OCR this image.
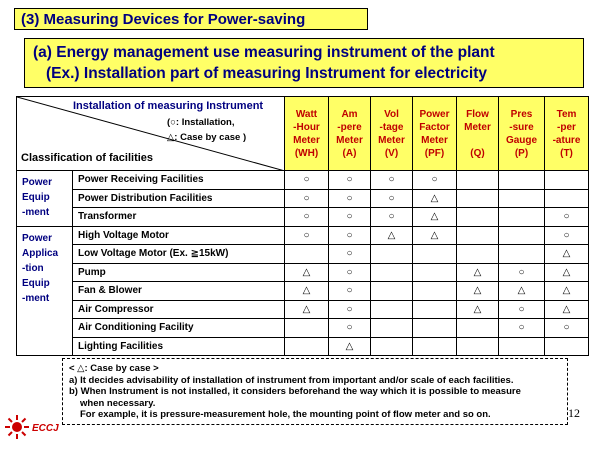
(3) Measuring Devices for Power-saving
(a) Energy management use measuring instrument of the plant
(Ex.) Installation part of measuring Instrument for electricity
Installation of measuring Instrument
(○: Installation,
△: Case by case )
Classification of facilities		Watt
-Hour
Meter
(WH)	Am
-pere
Meter
(A)	Vol
-tage
Meter
(V)	Power
Factor
Meter
(PF)	Flow
Meter

(Q)	Pres
-sure
Gauge
(P)	Tem
-per
-ature
(T)
Power
Equip
-ment	Power Receiving Facilities	○	○	○	○			
	Power Distribution Facilities	○	○	○	△			
	Transformer	○	○	○	△			○
Power
Applica
-tion
Equip
-ment	High Voltage Motor	○	○	△	△			○
	Low Voltage Motor (Ex. ≧15kW)		○					△
	Pump	△	○			△	○	△
	Fan & Blower	△	○			△	△	△
	Air Compressor	△	○			△	○	△
	Air Conditioning Facility		○				○	○
	Lighting Facilities		△					
< △: Case by case >
a) It decides advisability of installation of instrument from important and/or scale of each facilities.
b) When Instrument is not installed, it considers beforehand the way which it is possible to measure
when necessary.
For example, it is pressure-measurement hole, the mounting point of flow meter and so on.	12
ECCJ
